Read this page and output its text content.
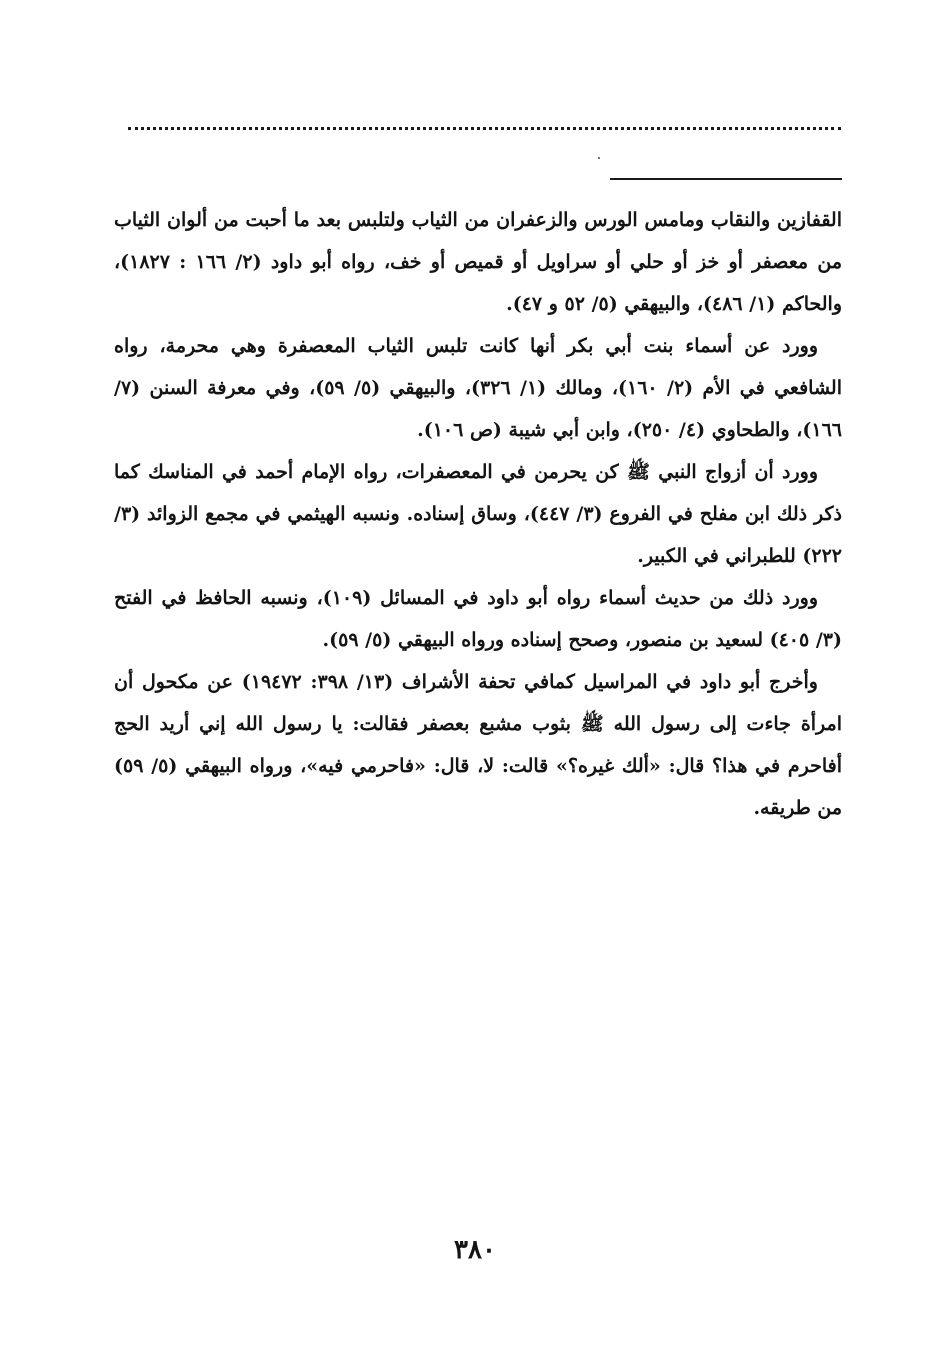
القفازين والنقاب ومامس الورس والزعفران من الثياب ولتلبس بعد ما أحبت من ألوان الثياب من معصفر أو خز أو حلي أو سراويل أو قميص أو خف، رواه أبو داود (٢/ ١٦٦ : ١٨٢٧)، والحاكم (١/ ٤٨٦)، والبيهقي (٥/ ٥٢ و ٤٧).

وورد عن أسماء بنت أبي بكر أنها كانت تلبس الثياب المعصفرة وهي محرمة، رواه الشافعي في الأم (٢/ ١٦٠)، ومالك (١/ ٣٢٦)، والبيهقي (٥/ ٥٩)، وفي معرفة السنن (٧/ ١٦٦)، والطحاوي (٤/ ٢٥٠)، وابن أبي شيبة (ص ١٠٦).

وورد أن أزواج النبي ﷺ كن يحرمن في المعصفرات، رواه الإمام أحمد في المناسك كما ذكر ذلك ابن مفلح في الفروع (٣/ ٤٤٧)، وساق إسناده. ونسبه الهيثمي في مجمع الزوائد (٣/ ٢٢٢) للطبراني في الكبير.

وورد ذلك من حديث أسماء رواه أبو داود في المسائل (١٠٩)، ونسبه الحافظ في الفتح (٣/ ٤٠٥) لسعيد بن منصور، وصحح إسناده ورواه البيهقي (٥/ ٥٩).

وأخرج أبو داود في المراسيل كمافي تحفة الأشراف (١٣/ ٣٩٨: ١٩٤٧٢) عن مكحول أن امرأة جاءت إلى رسول الله ﷺ بثوب مشبع بعصفر فقالت: يا رسول الله إني أريد الحج أفاحرم في هذا؟ قال: «ألك غيره؟» قالت: لا، قال: «فاحرمي فيه»، ورواه البيهقي (٥/ ٥٩) من طريقه.

٣٨٠
